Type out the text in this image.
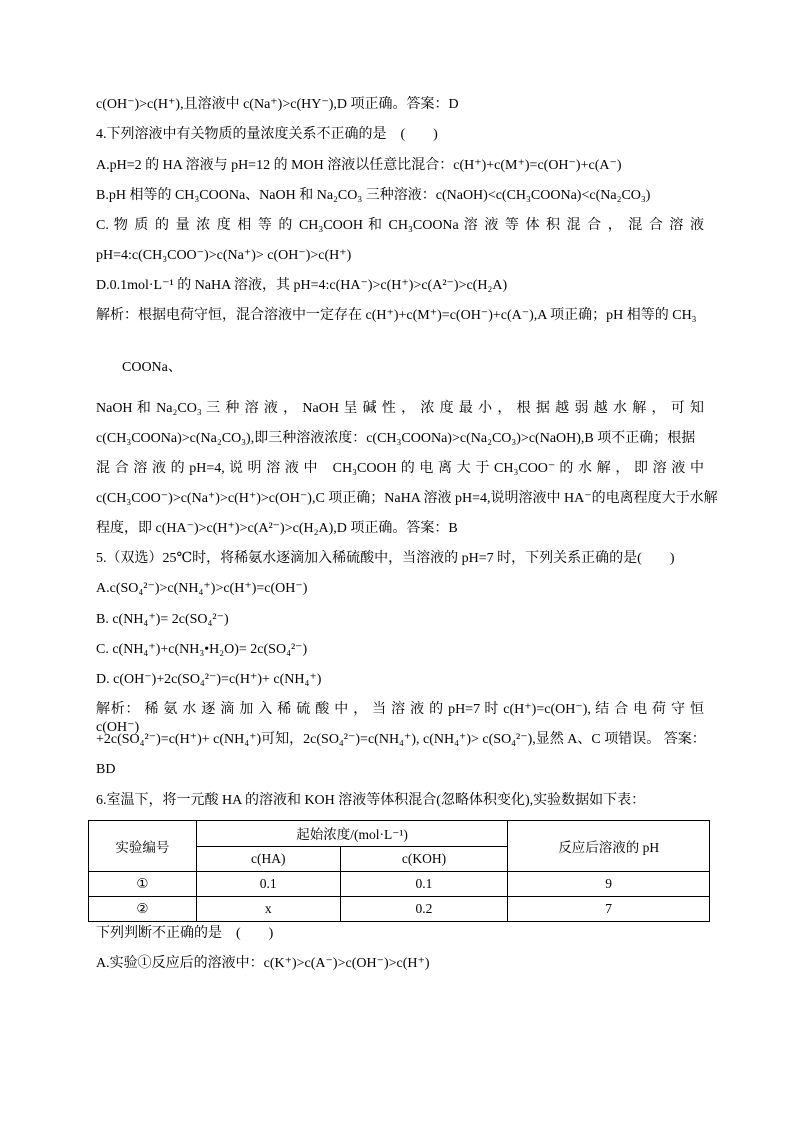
c(OH⁻)>c(H⁺),且溶液中 c(Na⁺)>c(HY⁻),D 项正确。答案：D
4.下列溶液中有关物质的量浓度关系不正确的是　(　　)
A.pH=2 的 HA 溶液与 pH=12 的 MOH 溶液以任意比混合：c(H⁺)+c(M⁺)=c(OH⁻)+c(A⁻)
B.pH 相等的 CH₃COONa、NaOH 和 Na₂CO₃ 三种溶液：c(NaOH)<c(CH₃COONa)<c(Na₂CO₃)
C. 物 质 的 量 浓 度 相 等 的 CH₃COOH 和 CH₃COONa 溶 液 等 体 积 混 合 ， 混 合 溶 液
pH=4:c(CH₃COO⁻)>c(Na⁺)> c(OH⁻)>c(H⁺)
D.0.1mol·L⁻¹ 的 NaHA 溶液，其 pH=4:c(HA⁻)>c(H⁺)>c(A²⁻)>c(H₂A)
解析：根据电荷守恒，混合溶液中一定存在 c(H⁺)+c(M⁺)=c(OH⁻)+c(A⁻),A 项正确；pH 相等的 CH₃
COONa、
NaOH 和 Na₂CO₃ 三 种 溶 液 ， NaOH 呈 碱 性 ， 浓 度 最 小 ， 根 据 越 弱 越 水 解 ， 可 知
c(CH₃COONa)>c(Na₂CO₃),即三种溶液浓度：c(CH₃COONa)>c(Na₂CO₃)>c(NaOH),B 项不正确；根据
混 合 溶 液 的 pH=4, 说 明 溶 液 中　CH₃COOH 的 电 离 大 于 CH₃COO⁻ 的 水 解 ， 即 溶 液 中
c(CH₃COO⁻)>c(Na⁺)>c(H⁺)>c(OH⁻),C 项正确；NaHA 溶液 pH=4,说明溶液中 HA⁻的电离程度大于水解
程度，即 c(HA⁻)>c(H⁺)>c(A²⁻)>c(H₂A),D 项正确。答案：B
5.（双选）25℃时，将稀氨水逐滴加入稀硫酸中，当溶液的 pH=7 时，下列关系正确的是(　　)
A.c(SO₄²⁻)>c(NH₄⁺)>c(H⁺)=c(OH⁻)
B. c(NH₄⁺)= 2c(SO₄²⁻)
C. c(NH₄⁺)+c(NH₃•H₂O)= 2c(SO₄²⁻)
D. c(OH⁻)+2c(SO₄²⁻)=c(H⁺)+ c(NH₄⁺)
解析： 稀 氨 水 逐 滴 加 入 稀 硫 酸 中 ， 当 溶 液 的 pH=7 时 c(H⁺)=c(OH⁻), 结 合 电 荷 守 恒 c(OH⁻)
+2c(SO₄²⁻)=c(H⁺)+ c(NH₄⁺)可知，2c(SO₄²⁻)=c(NH₄⁺), c(NH₄⁺)> c(SO₄²⁻),显然 A、C 项错误。 答案：
BD
6.室温下，将一元酸 HA 的溶液和 KOH 溶液等体积混合(忽略体积变化),实验数据如下表：
实验编号	起始浓度/(mol·L⁻¹)		反应后溶液的 pH
	c(HA)	c(KOH)	
①	0.1	0.1	9
②	x	0.2	7
下列判断不正确的是　(　　)
A.实验①反应后的溶液中：c(K⁺)>c(A⁻)>c(OH⁻)>c(H⁺)
